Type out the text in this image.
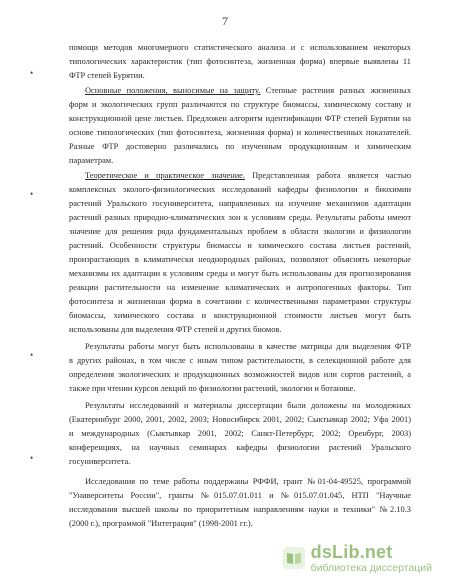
7
•
•
•
•
помощи методов многомерного статистического анализа и с использованием некоторых
типологических характеристик (тип фотосинтеза, жизненная форма) впервые выявлены 11
ФТР степей Бурятии.
Основные положения, выносимые на защиту. Степные растения разных жизненных
форм и экологических групп различаются по структуре биомассы, химическому составу и
конструкционной цене листьев. Предложен алгоритм идентификации ФТР степей Бурятии на
основе типологических (тип фотосинтеза, жизненная форма) и количественных показателей.
Разные ФТР достоверно различались по изученным продукционным и химическим
параметрам.
Теоретическое и практическое значение. Представленная работа является частью
комплексных эколого-физиологических исследований кафедры физиологии и биохимии
растений Уральского госуниверситета, направленных на изучение механизмов адаптации
растений разных природно-климатических зон к условиям среды. Результаты работы имеют
значение для решения ряда фундаментальных проблем в области экологии и физиологии
растений. Особенности структуры биомассы и химического состава листьев растений,
произрастающих в климатически неоднородных районах, позволяют объяснять некоторые
механизмы их адаптации к условиям среды и могут быть использованы для прогнозирования
реакции растительности на изменение климатических и антропогенных факторы. Тип
фотосинтеза и жизненная форма в сочетании с количественными параметрами структуры
биомассы, химического состава и конструкционной стоимости листьев могут быть
использованы для выделения ФТР степей и других биомов.
Результаты работы могут быть использованы в качестве матрицы для выделения ФТР
в других районах, в том числе с иным типом растительности, в селекционной работе для
определения экологических и продукционных возможностей видов или сортов растений, а
также при чтении курсов лекций по физиологии растений, экологии и ботанике.
Результаты исследований и материалы диссертации были доложены на молодежных
(Екатеринбург 2000, 2001, 2002, 2003; Новосибирск 2001, 2002; Сыктывкар 2002; Уфа 2001)
и международных (Сыктывкар 2001, 2002; Санкт-Петербург, 2002; Оренбург, 2003)
конференциях, на научных семинарах кафедры физиологии растений Уральского
госуниверситета.
Исследования по теме работы поддержаны РФФИ, грант №01-04-49525, программой
"Университеты России", гранты №015.07.01.011 и №015.07.01.045, НТП "Научные
исследования высшей школы по приоритетным направлениям науки и техники" №2.10.3
(2000 г.), программой "Интеграция" (1998-2001 гг.).
dsLib.net
библиотека диссертаций
